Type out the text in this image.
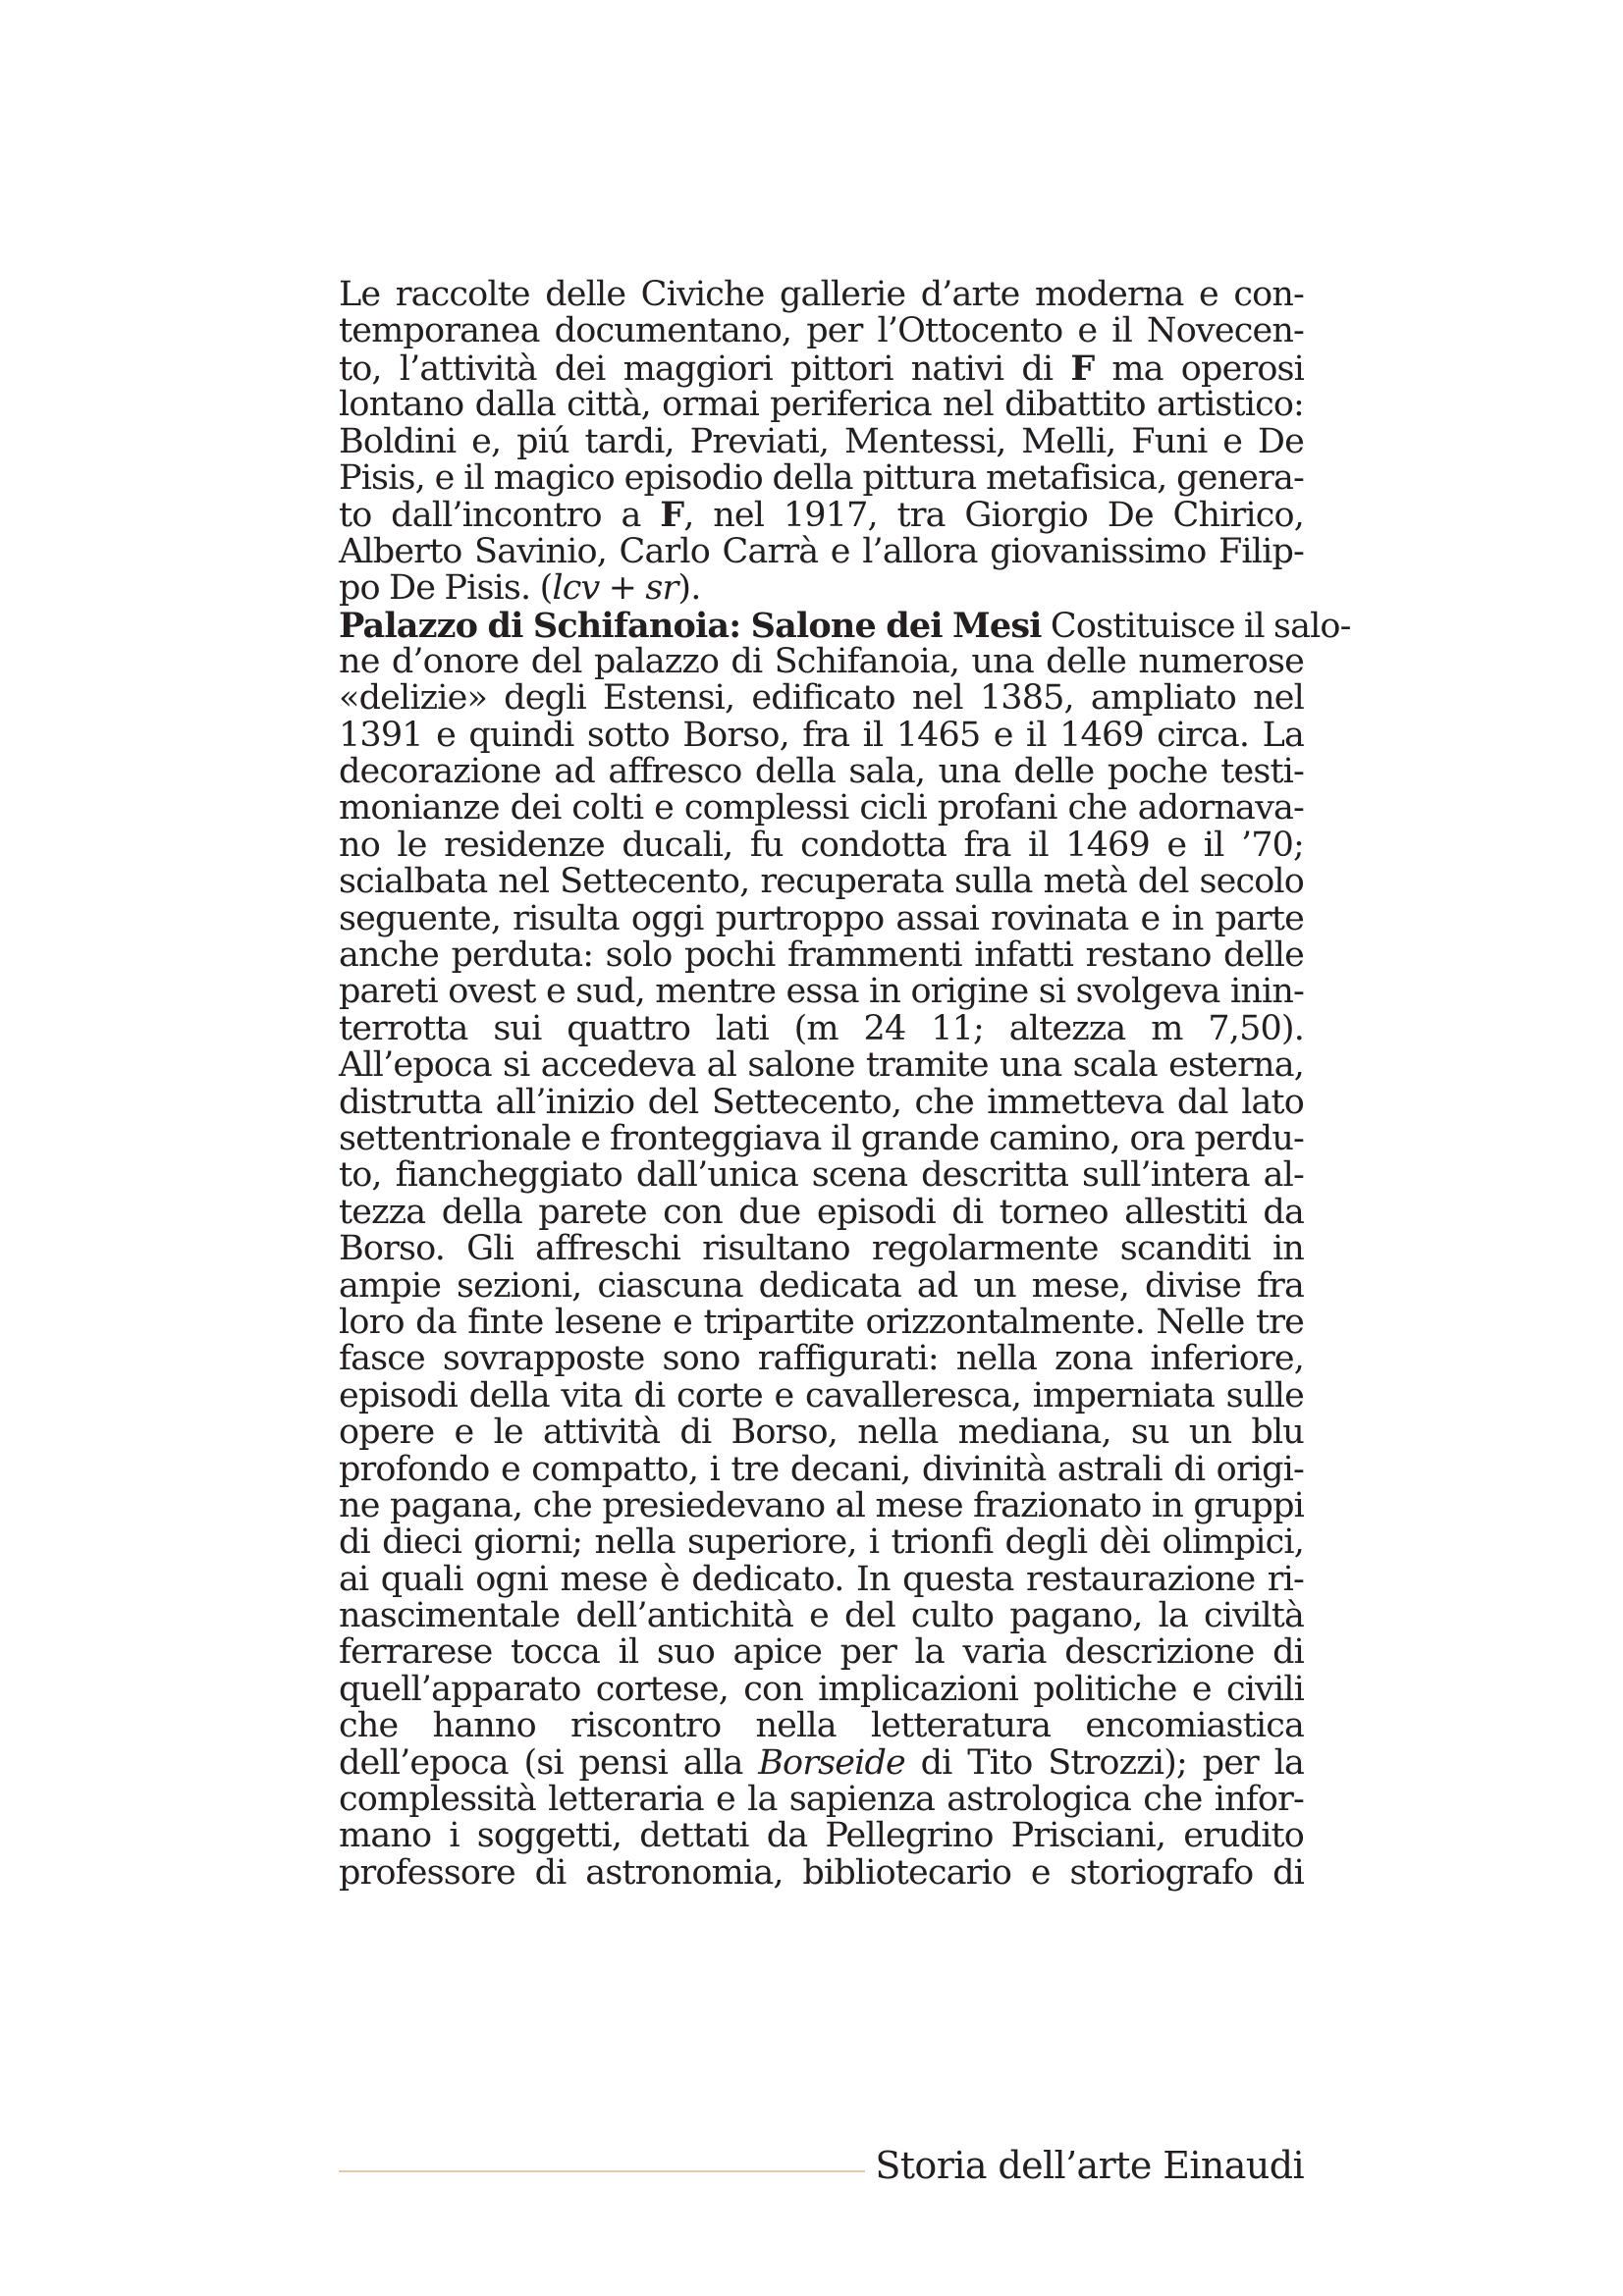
Le raccolte delle Civiche gallerie d’arte moderna e con-
temporanea documentano, per l’Ottocento e il Novecen-
to, l’attività dei maggiori pittori nativi di F ma operosi
lontano dalla città, ormai periferica nel dibattito artistico:
Boldini e, piú tardi, Previati, Mentessi, Melli, Funi e De
Pisis, e il magico episodio della pittura metafisica, genera-
to dall’incontro a F, nel 1917, tra Giorgio De Chirico,
Alberto Savinio, Carlo Carrà e l’allora giovanissimo Filip-
po De Pisis. (lcv + sr).
Palazzo di Schifanoia: Salone dei Mesi Costituisce il salo-
ne d’onore del palazzo di Schifanoia, una delle numerose
«delizie» degli Estensi, edificato nel 1385, ampliato nel
1391 e quindi sotto Borso, fra il 1465 e il 1469 circa. La
decorazione ad affresco della sala, una delle poche testi-
monianze dei colti e complessi cicli profani che adornava-
no le residenze ducali, fu condotta fra il 1469 e il ’70;
scialbata nel Settecento, recuperata sulla metà del secolo
seguente, risulta oggi purtroppo assai rovinata e in parte
anche perduta: solo pochi frammenti infatti restano delle
pareti ovest e sud, mentre essa in origine si svolgeva inin-
terrotta sui quattro lati (m 24 11; altezza m 7,50).
All’epoca si accedeva al salone tramite una scala esterna,
distrutta all’inizio del Settecento, che immetteva dal lato
settentrionale e fronteggiava il grande camino, ora perdu-
to, fiancheggiato dall’unica scena descritta sull’intera al-
tezza della parete con due episodi di torneo allestiti da
Borso. Gli affreschi risultano regolarmente scanditi in
ampie sezioni, ciascuna dedicata ad un mese, divise fra
loro da finte lesene e tripartite orizzontalmente. Nelle tre
fasce sovrapposte sono raffigurati: nella zona inferiore,
episodi della vita di corte e cavalleresca, imperniata sulle
opere e le attività di Borso, nella mediana, su un blu
profondo e compatto, i tre decani, divinità astrali di origi-
ne pagana, che presiedevano al mese frazionato in gruppi
di dieci giorni; nella superiore, i trionfi degli dèi olimpici,
ai quali ogni mese è dedicato. In questa restaurazione ri-
nascimentale dell’antichità e del culto pagano, la civiltà
ferrarese tocca il suo apice per la varia descrizione di
quell’apparato cortese, con implicazioni politiche e civili
che hanno riscontro nella letteratura encomiastica
dell’epoca (si pensi alla Borseide di Tito Strozzi); per la
complessità letteraria e la sapienza astrologica che infor-
mano i soggetti, dettati da Pellegrino Prisciani, erudito
professore di astronomia, bibliotecario e storiografo di
Storia dell’arte Einaudi
